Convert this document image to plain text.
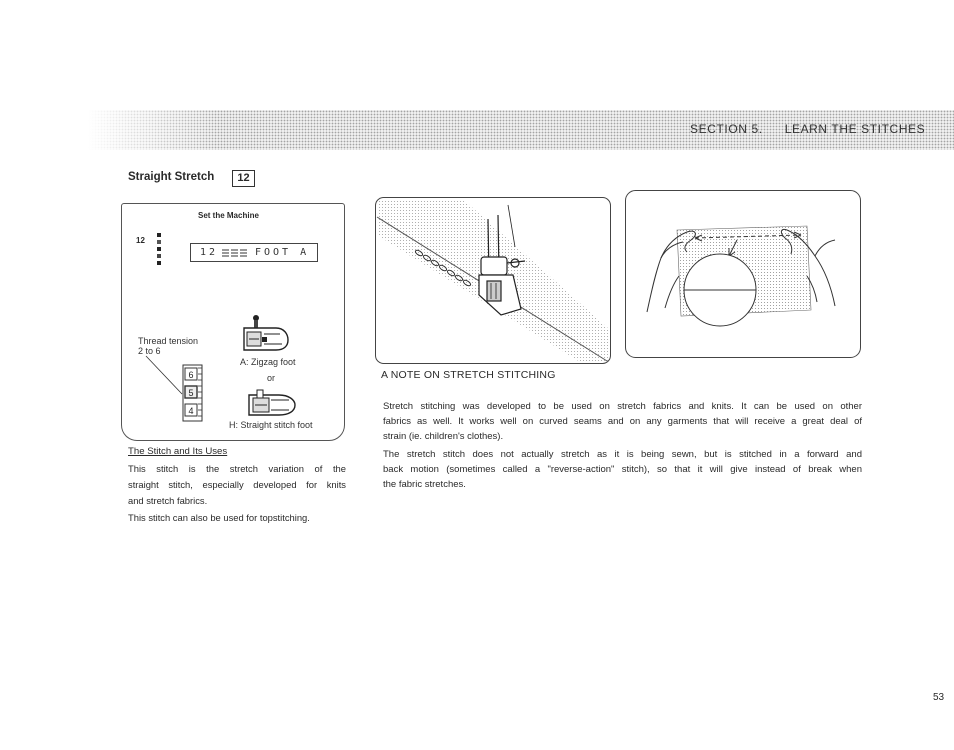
SECTION 5. LEARN THE STITCHES
Straight Stretch	12
Set the Machine
12
12	FOOT A
Thread tension
2 to 6
6
5
4
A: Zigzag foot
or
H: Straight stitch foot
The Stitch and Its Uses
This stitch is the stretch variation of the
straight stitch, especially developed for knits
and stretch fabrics.
This stitch can also be used for topstitching.
A NOTE ON STRETCH STITCHING
Stretch stitching was developed to be used on stretch fabrics and knits. It can be used on other
fabrics as well. It works well on curved seams and on any garments that will receive a great deal of
strain (ie. children's clothes).
The stretch stitch does not actually stretch as it is being sewn, but is stitched in a forward and
back motion (sometimes called a "reverse-action" stitch), so that it will give instead of break when
the fabric stretches.
53
